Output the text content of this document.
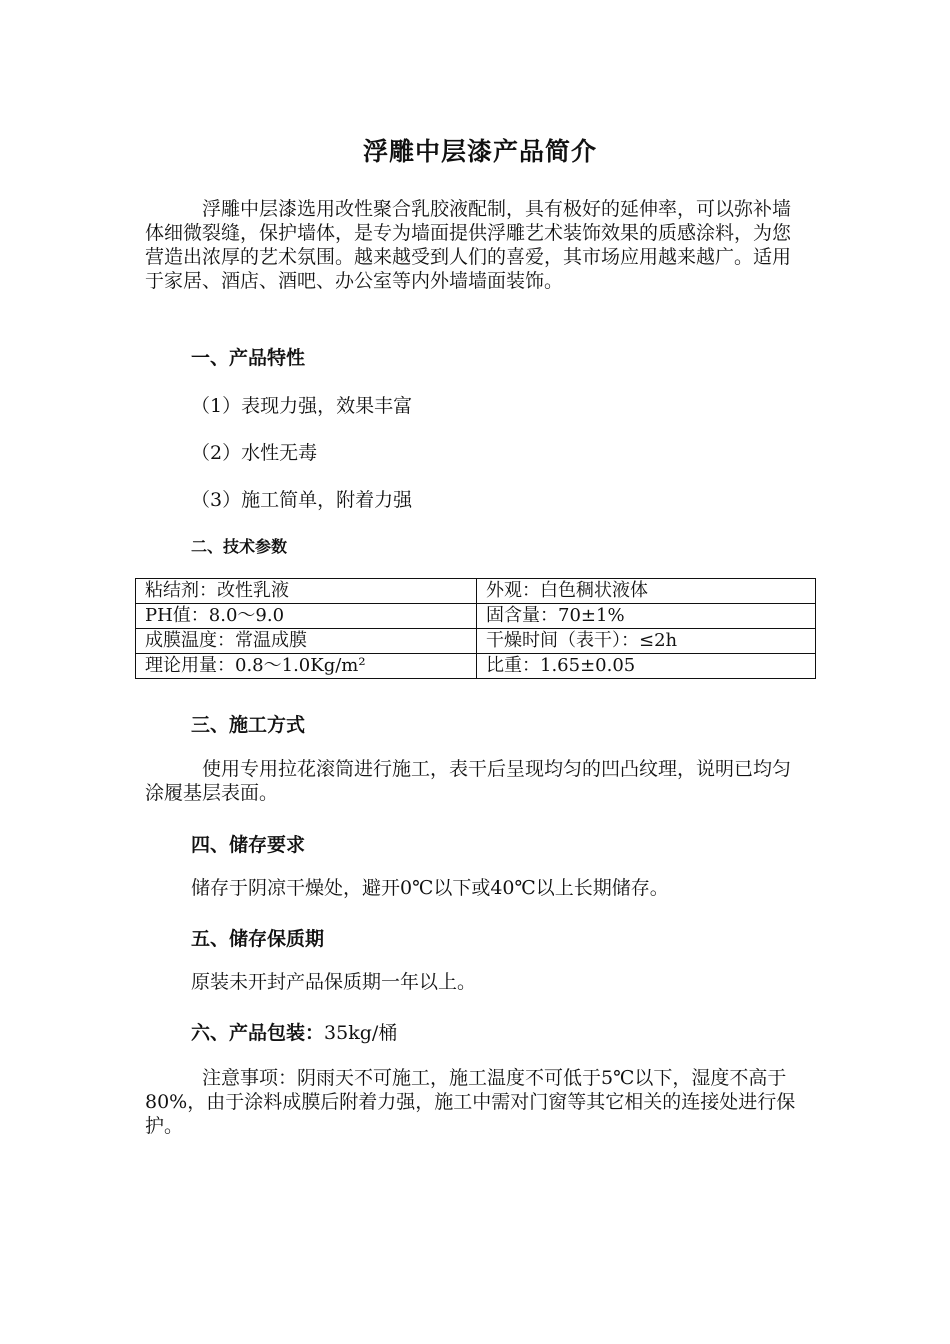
浮雕中层漆产品简介

浮雕中层漆选用改性聚合乳胶液配制，具有极好的延伸率，可以弥补墙体细微裂缝，保护墙体，是专为墙面提供浮雕艺术装饰效果的质感涂料，为您营造出浓厚的艺术氛围。越来越受到人们的喜爱，其市场应用越来越广。适用于家居、酒店、酒吧、办公室等内外墙墙面装饰。

一、产品特性

（1）表现力强，效果丰富

（2）水性无毒

（3）施工简单，附着力强

二、技术参数
粘结剂：改性乳液	外观：白色稠状液体
PH值：8.0～9.0	固含量：70±1%
成膜温度：常温成膜	干燥时间（表干）：≤2h
理论用量：0.8～1.0Kg/m²	比重：1.65±0.05
三、施工方式

使用专用拉花滚筒进行施工，表干后呈现均匀的凹凸纹理，说明已均匀涂履基层表面。

四、储存要求

储存于阴凉干燥处，避开0℃以下或40℃以上长期储存。

五、储存保质期

原装未开封产品保质期一年以上。

六、产品包装：35kg/桶

注意事项：阴雨天不可施工，施工温度不可低于5℃以下，湿度不高于80%，由于涂料成膜后附着力强，施工中需对门窗等其它相关的连接处进行保护。
